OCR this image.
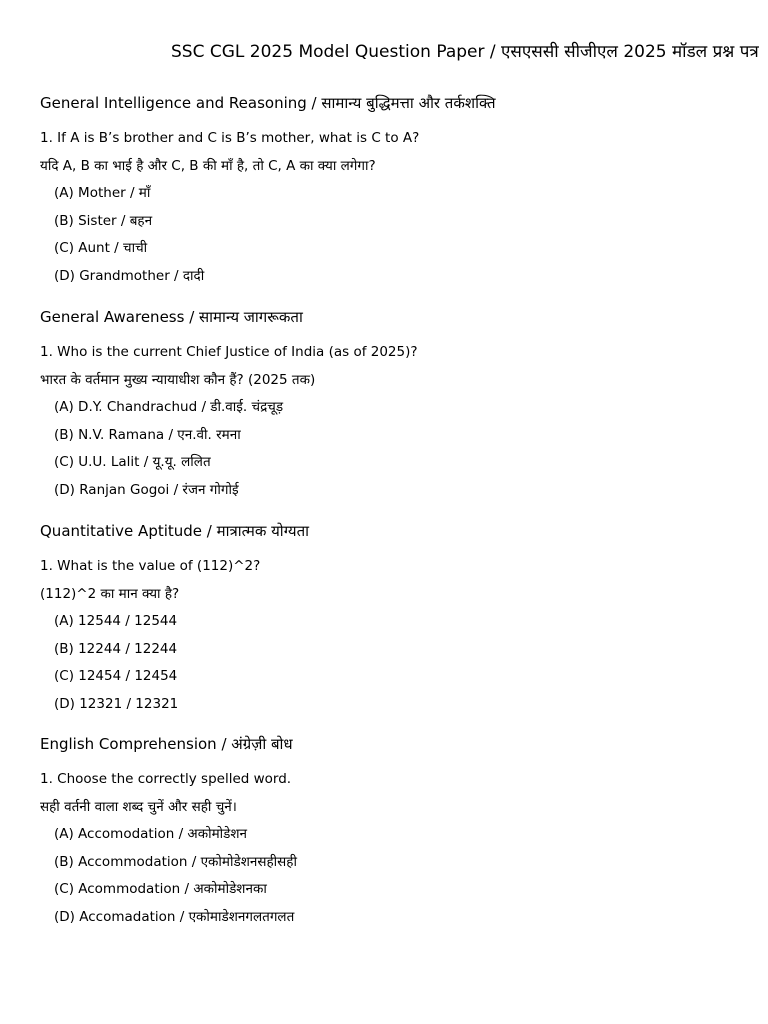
SSC CGL 2025 Model Question Paper / एसएससी सीजीएल 2025 मॉडल प्रश्न पत्र
General Intelligence and Reasoning / सामान्य बुद्धिमत्ता और तर्कशक्ति
1. If A is B’s brother and C is B’s mother, what is C to A?
यदि A, B का भाई है और C, B की माँ है, तो C, A का क्या लगेगा?
(A) Mother / माँ
(B) Sister / बहन
(C) Aunt / चाची
(D) Grandmother / दादी
General Awareness / सामान्य जागरूकता
1. Who is the current Chief Justice of India (as of 2025)?
भारत के वर्तमान मुख्य न्यायाधीश कौन हैं? (2025 तक)
(A) D.Y. Chandrachud / डी.वाई. चंद्रचूड़
(B) N.V. Ramana / एन.वी. रमना
(C) U.U. Lalit / यू.यू. ललित
(D) Ranjan Gogoi / रंजन गोगोई
Quantitative Aptitude / मात्रात्मक योग्यता
1. What is the value of (112)^2?
(112)^2 का मान क्या है?
(A) 12544 / 12544
(B) 12244 / 12244
(C) 12454 / 12454
(D) 12321 / 12321
English Comprehension / अंग्रेज़ी बोध
1. Choose the correctly spelled word.
सही वर्तनी वाला शब्द चुनें और सही चुनें।
(A) Accomodation / अकोमोडेशन
(B) Accommodation / एकोमोडेशनसहीसही
(C) Acommodation / अकोमोडेशनका
(D) Accomadation / एकोमाडेशनगलतगलत
